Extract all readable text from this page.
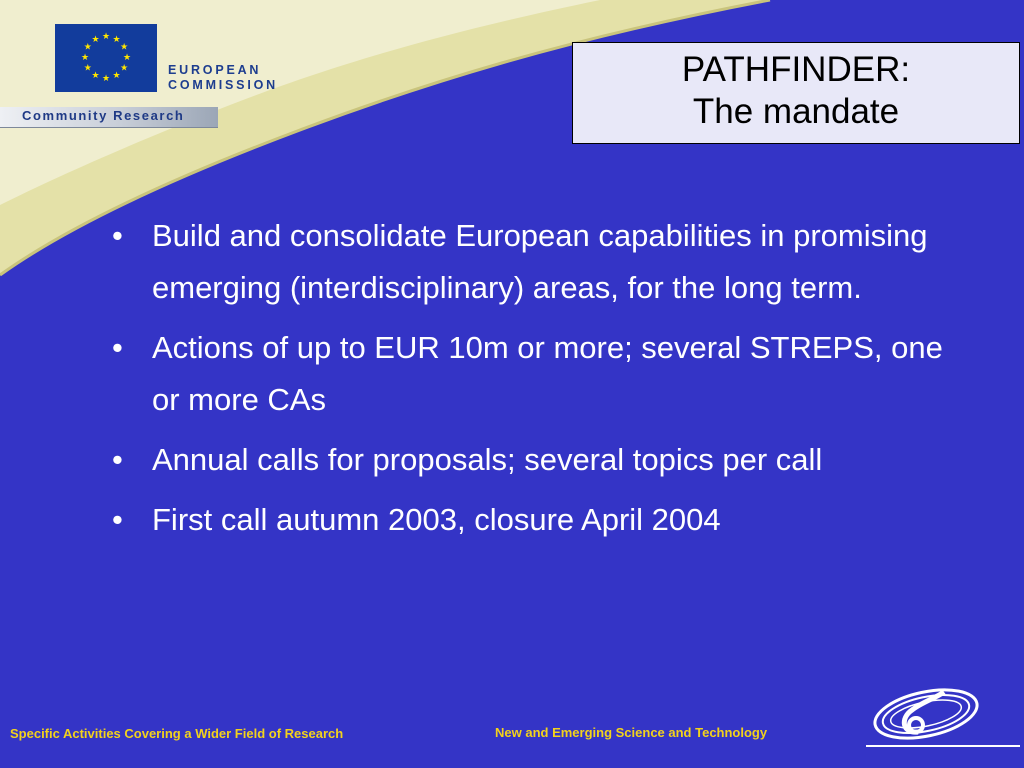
★ ★
★
★
★
★
★
★
★
★
★
★
EUROPEAN
COMMISSION
Community Research
PATHFINDER:
The mandate
• Build and consolidate European capabilities in promising emerging (interdisciplinary) areas, for the long term.
• Actions of up to EUR 10m or more; several STREPS, one or more CAs
• Annual calls for proposals; several topics per call
• First call autumn 2003, closure April 2004
Specific Activities Covering a Wider Field of Research	New and Emerging Science and Technology
